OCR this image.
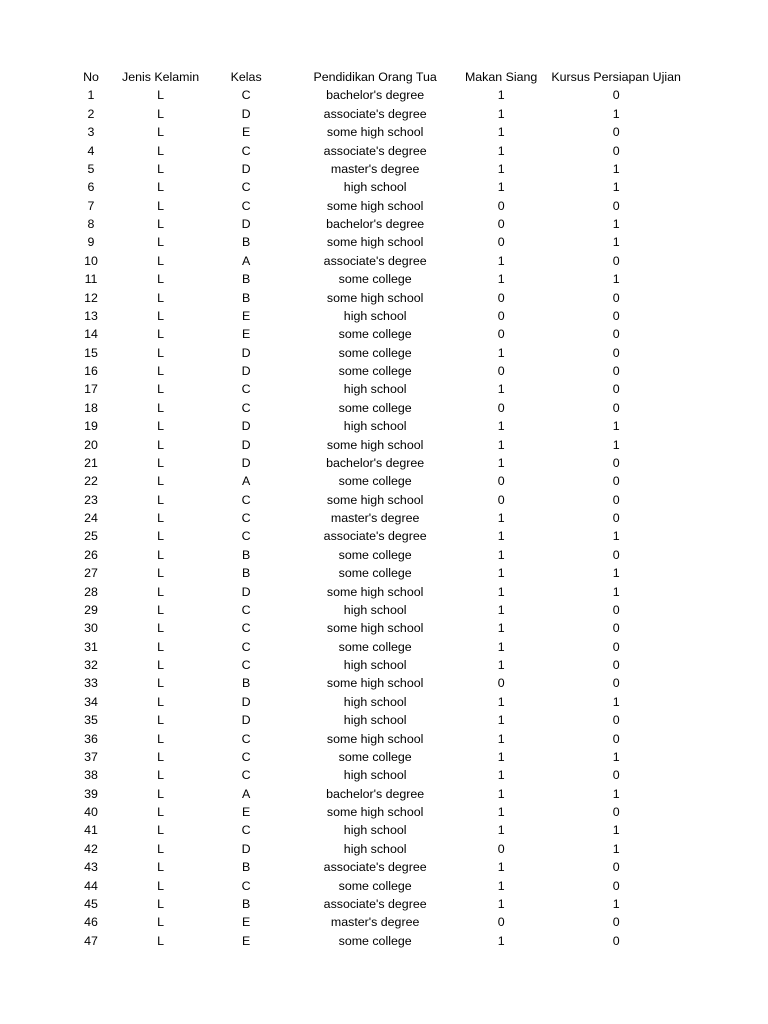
No	Jenis Kelamin	Kelas	Pendidikan Orang Tua	Makan Siang	Kursus Persiapan Ujian
1	L	C	bachelor's degree	1	0
2	L	D	associate's degree	1	1
3	L	E	some high school	1	0
4	L	C	associate's degree	1	0
5	L	D	master's degree	1	1
6	L	C	high school	1	1
7	L	C	some high school	0	0
8	L	D	bachelor's degree	0	1
9	L	B	some high school	0	1
10	L	A	associate's degree	1	0
11	L	B	some college	1	1
12	L	B	some high school	0	0
13	L	E	high school	0	0
14	L	E	some college	0	0
15	L	D	some college	1	0
16	L	D	some college	0	0
17	L	C	high school	1	0
18	L	C	some college	0	0
19	L	D	high school	1	1
20	L	D	some high school	1	1
21	L	D	bachelor's degree	1	0
22	L	A	some college	0	0
23	L	C	some high school	0	0
24	L	C	master's degree	1	0
25	L	C	associate's degree	1	1
26	L	B	some college	1	0
27	L	B	some college	1	1
28	L	D	some high school	1	1
29	L	C	high school	1	0
30	L	C	some high school	1	0
31	L	C	some college	1	0
32	L	C	high school	1	0
33	L	B	some high school	0	0
34	L	D	high school	1	1
35	L	D	high school	1	0
36	L	C	some high school	1	0
37	L	C	some college	1	1
38	L	C	high school	1	0
39	L	A	bachelor's degree	1	1
40	L	E	some high school	1	0
41	L	C	high school	1	1
42	L	D	high school	0	1
43	L	B	associate's degree	1	0
44	L	C	some college	1	0
45	L	B	associate's degree	1	1
46	L	E	master's degree	0	0
47	L	E	some college	1	0
